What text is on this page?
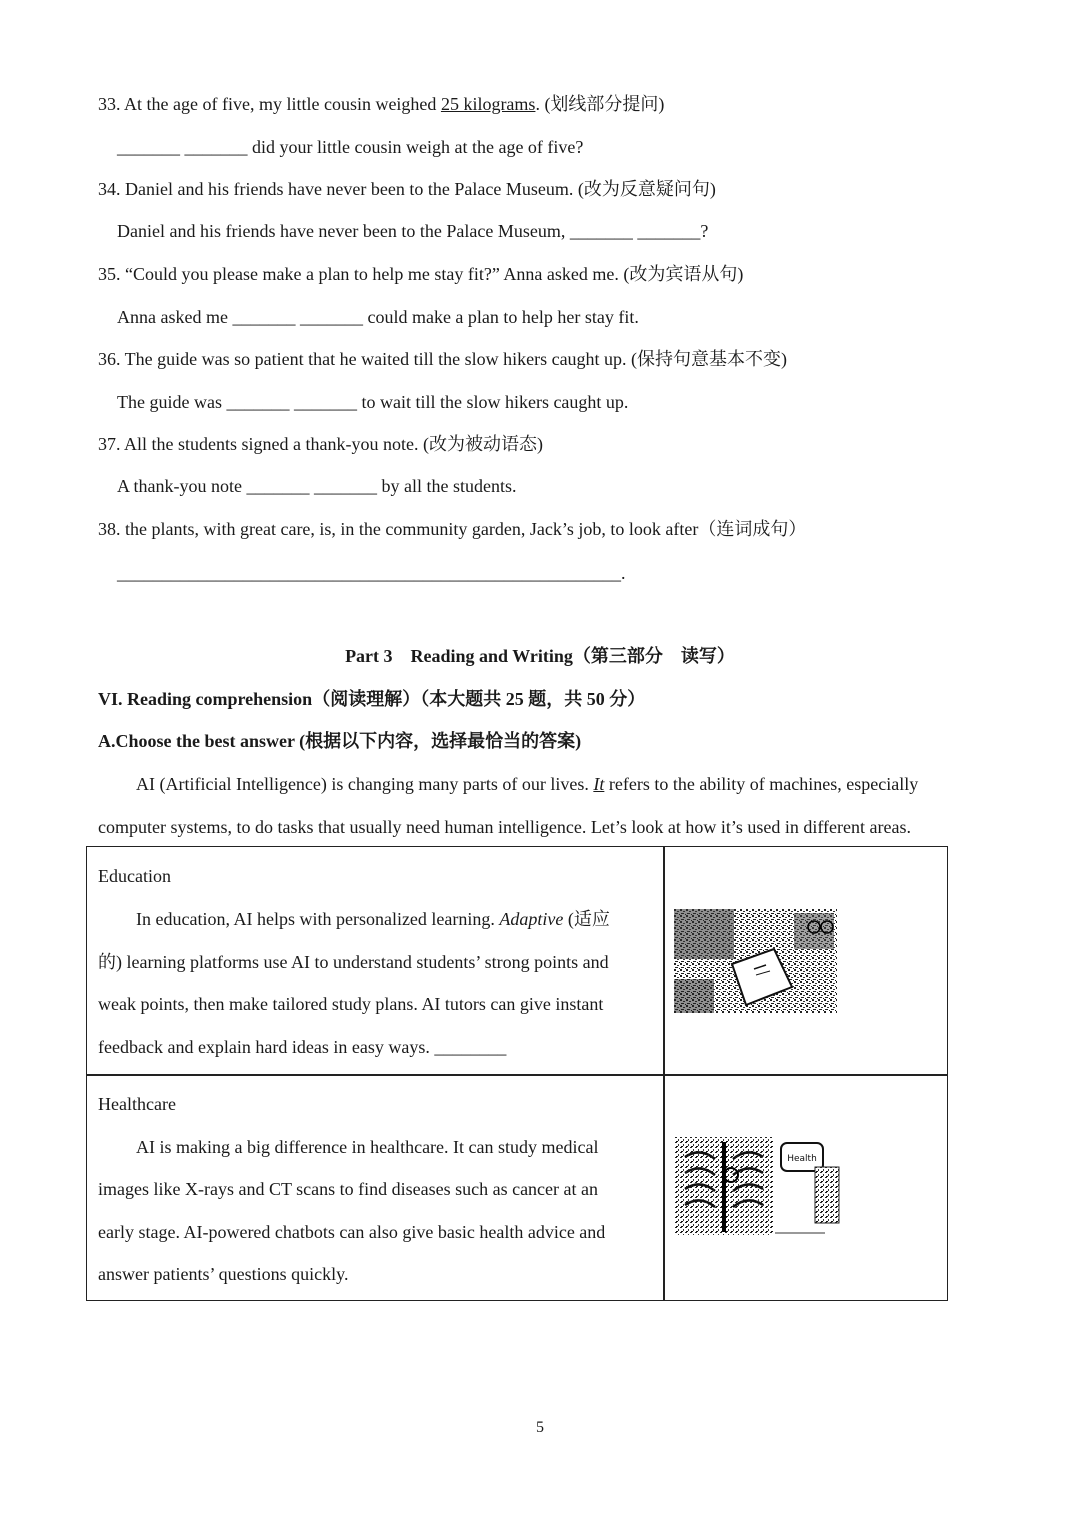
33. At the age of five, my little cousin weighed 25 kilograms. (划线部分提问)
_______ _______ did your little cousin weigh at the age of five?
34. Daniel and his friends have never been to the Palace Museum. (改为反意疑问句)
Daniel and his friends have never been to the Palace Museum, _______ _______?
35. “Could you please make a plan to help me stay fit?” Anna asked me. (改为宾语从句)
Anna asked me _______ _______ could make a plan to help her stay fit.
36. The guide was so patient that he waited till the slow hikers caught up. (保持句意基本不变)
The guide was _______ _______ to wait till the slow hikers caught up.
37. All the students signed a thank-you note. (改为被动语态)
A thank-you note _______ _______ by all the students.
38. the plants, with great care, is, in the community garden, Jack’s job, to look after（连词成句）
________________________________________________________.
Part 3　Reading and Writing（第三部分　读写）
VI. Reading comprehension（阅读理解）（本大题共 25 题，共 50 分）
A.Choose the best answer (根据以下内容，选择最恰当的答案)
AI (Artificial Intelligence) is changing many parts of our lives. It refers to the ability of machines, especially
computer systems, to do tasks that usually need human intelligence. Let’s look at how it’s used in different areas.
Education
In education, AI helps with personalized learning. Adaptive (适应
的) learning platforms use AI to understand students’ strong points and
weak points, then make tailored study plans. AI tutors can give instant
feedback and explain hard ideas in easy ways. ________
Healthcare
AI is making a big difference in healthcare. It can study medical
images like X-rays and CT scans to find diseases such as cancer at an
early stage. AI-powered chatbots can also give basic health advice and
answer patients’ questions quickly.
Health
5
